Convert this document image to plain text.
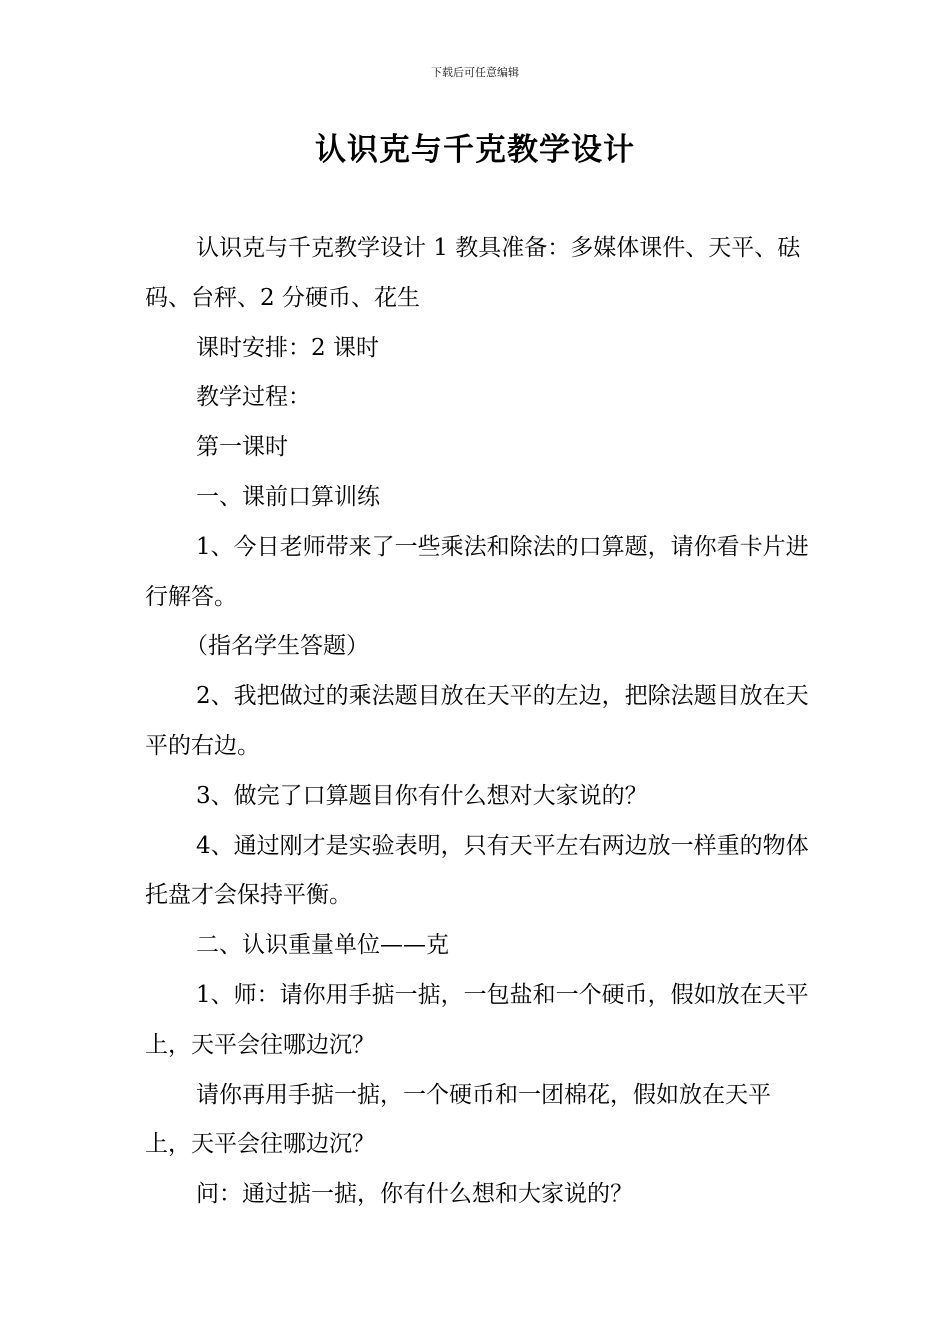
下载后可任意编辑
认识克与千克教学设计

认识克与千克教学设计 1 教具准备：多媒体课件、天平、砝码、台秤、2 分硬币、花生

课时安排：2 课时

教学过程：

第一课时

一、课前口算训练

1、今日老师带来了一些乘法和除法的口算题，请你看卡片进行解答。

（指名学生答题）

2、我把做过的乘法题目放在天平的左边，把除法题目放在天平的右边。

3、做完了口算题目你有什么想对大家说的？

4、通过刚才是实验表明，只有天平左右两边放一样重的物体托盘才会保持平衡。

二、认识重量单位——克

1、师：请你用手掂一掂，一包盐和一个硬币，假如放在天平上，天平会往哪边沉？

请你再用手掂一掂，一个硬币和一团棉花，假如放在天平上，天平会往哪边沉？

问：通过掂一掂，你有什么想和大家说的？
